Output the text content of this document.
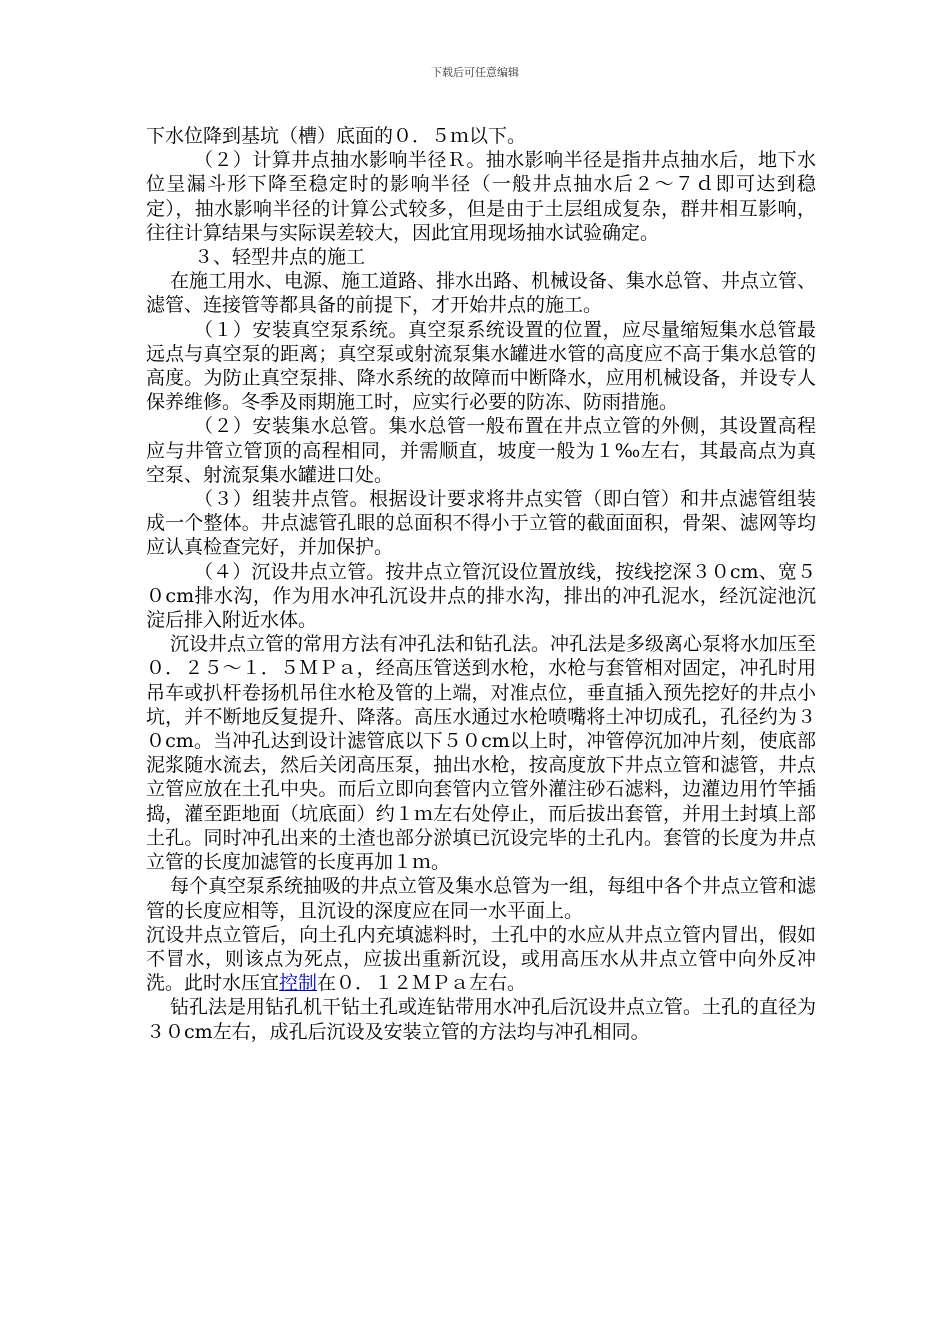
下载后可任意编辑

下水位降到基坑（槽）底面的０．５ｍ以下。

（２）计算井点抽水影响半径Ｒ。抽水影响半径是指井点抽水后，地下水位呈漏斗形下降至稳定时的影响半径（一般井点抽水后２～７ｄ即可达到稳定），抽水影响半径的计算公式较多，但是由于土层组成复杂，群井相互影响，往往计算结果与实际误差较大，因此宜用现场抽水试验确定。

３、轻型井点的施工

在施工用水、电源、施工道路、排水出路、机械设备、集水总管、井点立管、滤管、连接管等都具备的前提下，才开始井点的施工。

（１）安装真空泵系统。真空泵系统设置的位置，应尽量缩短集水总管最远点与真空泵的距离；真空泵或射流泵集水罐进水管的高度应不高于集水总管的高度。为防止真空泵排、降水系统的故障而中断降水，应用机械设备，并设专人保养维修。冬季及雨期施工时，应实行必要的防冻、防雨措施。

（２）安装集水总管。集水总管一般布置在井点立管的外侧，其设置高程应与井管立管顶的高程相同，并需顺直，坡度一般为１‰左右，其最高点为真空泵、射流泵集水罐进口处。

（３）组装井点管。根据设计要求将井点实管（即白管）和井点滤管组装成一个整体。井点滤管孔眼的总面积不得小于立管的截面面积，骨架、滤网等均应认真检查完好，并加保护。

（４）沉设井点立管。按井点立管沉设位置放线，按线挖深３０cm、宽５０cm排水沟，作为用水冲孔沉设井点的排水沟，排出的冲孔泥水，经沉淀池沉淀后排入附近水体。

沉设井点立管的常用方法有冲孔法和钻孔法。冲孔法是多级离心泵将水加压至０．２５～１．５ＭＰａ，经高压管送到水枪，水枪与套管相对固定，冲孔时用吊车或扒杆卷扬机吊住水枪及管的上端，对准点位，垂直插入预先挖好的井点小坑，并不断地反复提升、降落。高压水通过水枪喷嘴将土冲切成孔，孔径约为３０cm。当冲孔达到设计滤管底以下５０cm以上时，冲管停沉加冲片刻，使底部泥浆随水流去，然后关闭高压泵，抽出水枪，按高度放下井点立管和滤管，井点立管应放在土孔中央。而后立即向套管内立管外灌注砂石滤料，边灌边用竹竿插捣，灌至距地面（坑底面）约１ｍ左右处停止，而后拔出套管，并用土封填上部土孔。同时冲孔出来的土渣也部分淤填已沉设完毕的土孔内。套管的长度为井点立管的长度加滤管的长度再加１ｍ。

每个真空泵系统抽吸的井点立管及集水总管为一组，每组中各个井点立管和滤管的长度应相等，且沉设的深度应在同一水平面上。

沉设井点立管后，向土孔内充填滤料时，土孔中的水应从井点立管内冒出，假如不冒水，则该点为死点，应拔出重新沉设，或用高压水从井点立管中向外反冲洗。此时水压宜控制在０．１２ＭＰａ左右。

钻孔法是用钻孔机干钻土孔或连钻带用水冲孔后沉设井点立管。土孔的直径为３０cm左右，成孔后沉设及安装立管的方法均与冲孔相同。
